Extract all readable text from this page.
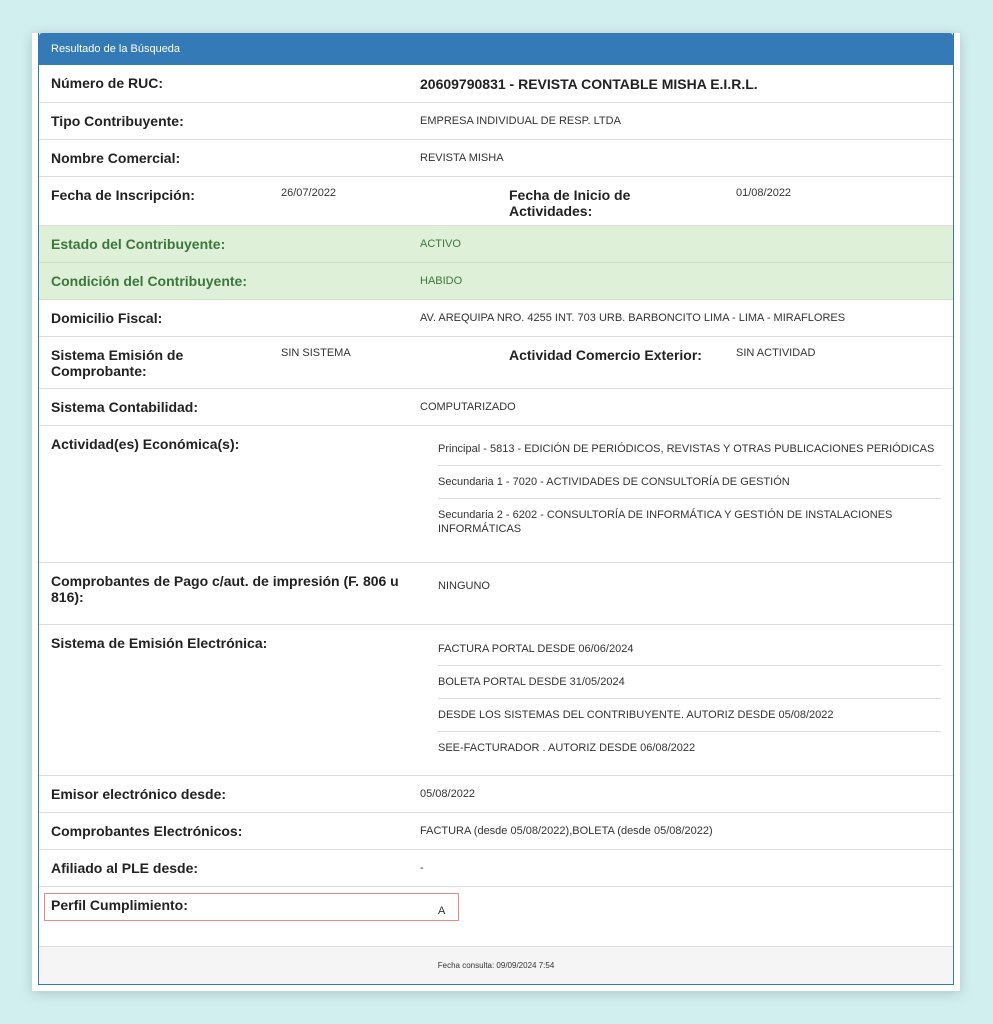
Resultado de la Búsqueda
Número de RUC:	20609790831 - REVISTA CONTABLE MISHA E.I.R.L.
Tipo Contribuyente:	EMPRESA INDIVIDUAL DE RESP. LTDA
Nombre Comercial:	REVISTA MISHA
Fecha de Inscripción:	26/07/2022	Fecha de Inicio de Actividades:
01/08/2022
Estado del Contribuyente:	ACTIVO
Condición del Contribuyente:	HABIDO
Domicilio Fiscal:	AV. AREQUIPA NRO. 4255 INT. 703 URB. BARBONCITO LIMA - LIMA - MIRAFLORES
Sistema Emisión de Comprobante:
SIN SISTEMA	Actividad Comercio Exterior:	SIN ACTIVIDAD
Sistema Contabilidad:	COMPUTARIZADO
Actividad(es) Económica(s):	Principal - 5813 - EDICIÓN DE PERIÓDICOS, REVISTAS Y OTRAS PUBLICACIONES PERIÓDICAS
Secundaria 1 - 7020 - ACTIVIDADES DE CONSULTORÍA DE GESTIÓN
Secundaria 2 - 6202 - CONSULTORÍA DE INFORMÁTICA Y GESTIÓN DE INSTALACIONES INFORMÁTICAS
Comprobantes de Pago c/aut. de impresión (F. 806 u 816):
NINGUNO
Sistema de Emisión Electrónica:	FACTURA PORTAL DESDE 06/06/2024
BOLETA PORTAL DESDE 31/05/2024
DESDE LOS SISTEMAS DEL CONTRIBUYENTE. AUTORIZ DESDE 05/08/2022
SEE-FACTURADOR . AUTORIZ DESDE 06/08/2022
Emisor electrónico desde:	05/08/2022
Comprobantes Electrónicos:	FACTURA (desde 05/08/2022),BOLETA (desde 05/08/2022)
Afiliado al PLE desde:	-
Perfil Cumplimiento:	A
Fecha consulta: 09/09/2024 7:54
